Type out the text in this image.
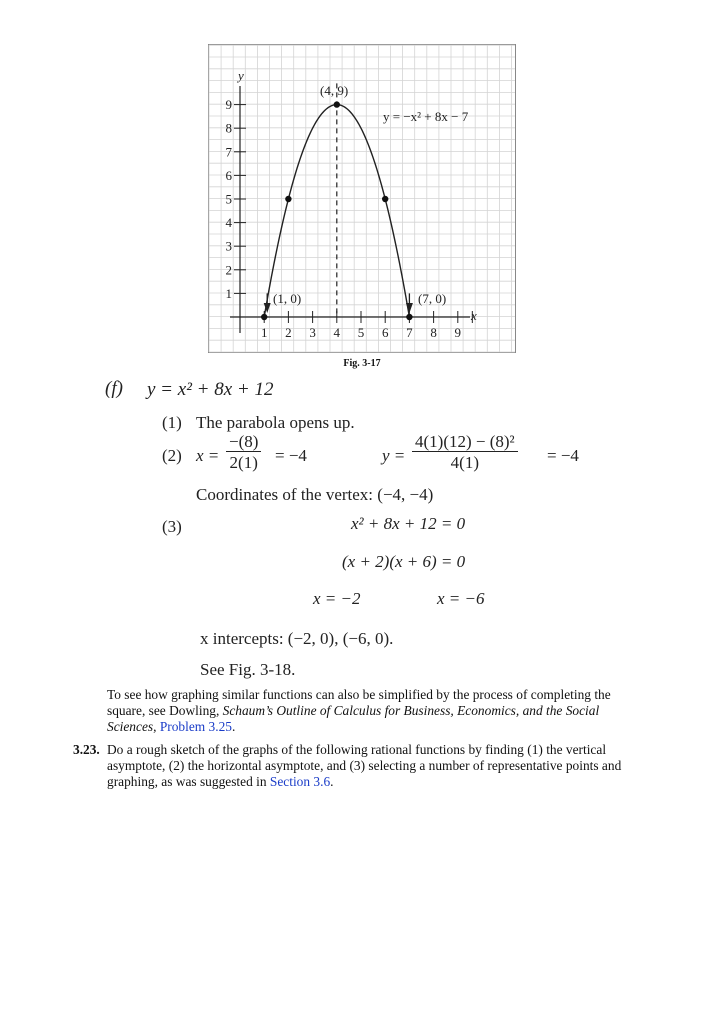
1 2 3 4 5 6 7 8 9
1
2
3
4
5
6
7
8
9
y
x
(4, 9)
y = −x² + 8x − 7
(1, 0)	(7, 0)
Fig. 3-17
(f) y = x² + 8x + 12
(1) The parabola opens up.
(2) $x = \frac{-(8)}{2(1)} = -4$	$y = \frac{\text{4(1)(12) − (8)²}}{4(1)} = -4$
Coordinates of the vertex: (−4, −4)
(3)	x² + 8x + 12 = 0
(x + 2)(x + 6) = 0
x = −2	x = −6
x intercepts: (−2, 0), (−6, 0).
See Fig. 3-18.
To see how graphing similar functions can also be simplified by the process of completing the
square, see Dowling, Schaum’s Outline of Calculus for Business, Economics, and the Social
Sciences, Problem 3.25.
3.23. Do a rough sketch of the graphs of the following rational functions by finding (1) the vertical
asymptote, (2) the horizontal asymptote, and (3) selecting a number of representative points and
graphing, as was suggested in Section 3.6.
